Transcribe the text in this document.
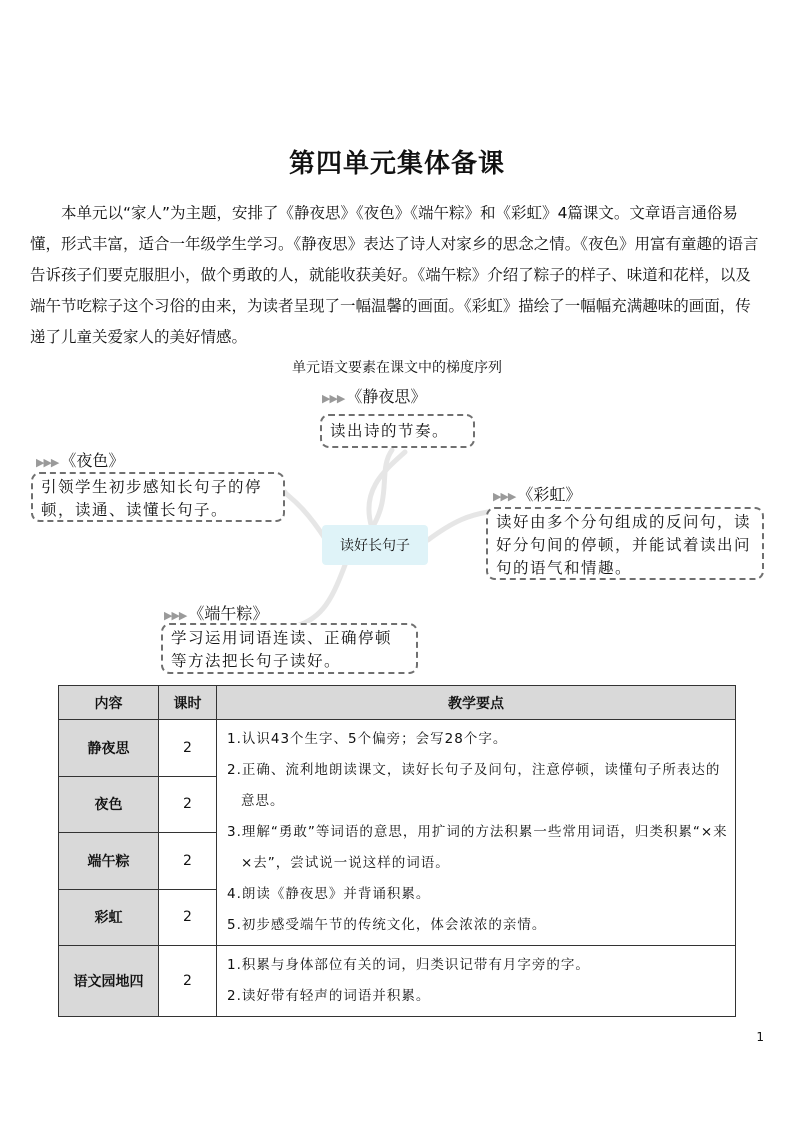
第四单元集体备课

本单元以“家人”为主题，安排了《静夜思》《夜色》《端午粽》和《彩虹》4篇课文。文章语言通俗易懂，形式丰富，适合一年级学生学习。《静夜思》表达了诗人对家乡的思念之情。《夜色》用富有童趣的语言告诉孩子们要克服胆小，做个勇敢的人，就能收获美好。《端午粽》介绍了粽子的样子、味道和花样，以及端午节吃粽子这个习俗的由来，为读者呈现了一幅温馨的画面。《彩虹》描绘了一幅幅充满趣味的画面，传递了儿童关爱家人的美好情感。

单元语文要素在课文中的梯度序列
▶▶▶ 《静夜思》
读出诗的节奏。
▶▶▶ 《夜色》
引领学生初步感知长句子的停顿，读通、读懂长句子。
▶▶▶ 《彩虹》
读好由多个分句组成的反问句，读好分句间的停顿，并能试着读出问句的语气和情趣。
▶▶▶ 《端午粽》
学习运用词语连读、正确停顿等方法把长句子读好。
读好长句子
内容	课时	教学要点
静夜思	2	1.认识43个生字、5个偏旁；会写28个字。
2.正确、流利地朗读课文，读好长句子及问句，注意停顿，读懂句子所表达的意思。
3.理解“勇敢”等词语的意思，用扩词的方法积累一些常用词语，归类积累“×来×去”，尝试说一说这样的词语。
4.朗读《静夜思》并背诵积累。
5.初步感受端午节的传统文化，体会浓浓的亲情。

夜色	2	
端午粽	2	
彩虹	2	
语文园地四	2	1.积累与身体部位有关的词，归类识记带有月字旁的字。
2.读好带有轻声的词语并积累。
1
